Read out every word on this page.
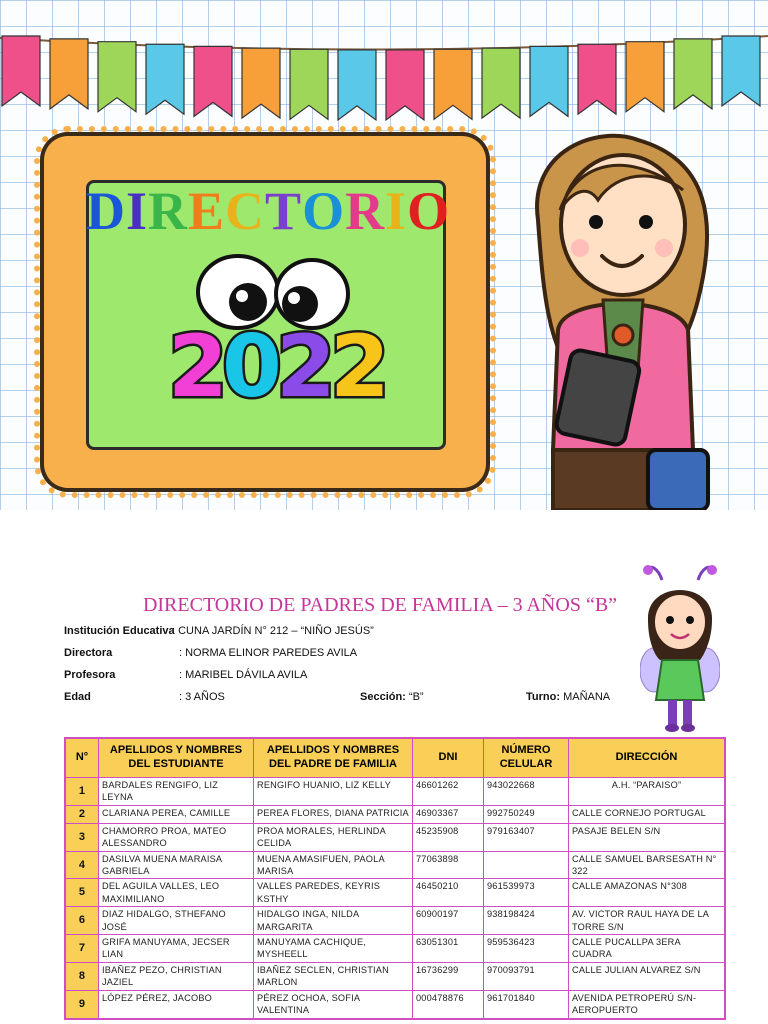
DIRECTORIO
2
0
2
2
DIRECTORIO DE PADRES DE FAMILIA – 3 AÑOS “B”
Institución Educativa
: CUNA JARDÍN N° 212 – “NIÑO JESÚS”
Directora	: NORMA ELINOR PAREDES AVILA
Profesora	: MARIBEL DÁVILA AVILA
Edad	: 3 AÑOS	Sección: “B”	Turno: MAÑANA
N°	APELLIDOS Y NOMBRES DEL ESTUDIANTE	APELLIDOS Y NOMBRES DEL PADRE DE FAMILIA	DNI	NÚMERO CELULAR	DIRECCIÓN
1	BARDALES RENGIFO, LIZ LEYNA	RENGIFO HUANIO, LIZ KELLY	46601262	943022668	A.H. “PARAISO”
2	CLARIANA PEREA, CAMILLE	PEREA FLORES, DIANA PATRICIA	46903367	992750249	CALLE CORNEJO PORTUGAL
3	CHAMORRO PROA, MATEO ALESSANDRO	PROA MORALES, HERLINDA CELIDA	45235908	979163407	PASAJE BELEN S/N
4	DASILVA MUENA MARAISA GABRIELA	MUENA AMASIFUEN, PAOLA MARISA	77063898		CALLE SAMUEL BARSESATH N° 322
5	DEL AGUILA VALLES, LEO MAXIMILIANO	VALLES PAREDES, KEYRIS KSTHY	46450210	961539973	CALLE AMAZONAS N°308
6	DIAZ HIDALGO, STHEFANO JOSÉ	HIDALGO INGA, NILDA MARGARITA	60900197	938198424	AV. VICTOR RAUL HAYA DE LA TORRE S/N
7	GRIFA MANUYAMA, JECSER LIAN	MANUYAMA CACHIQUE, MYSHEELL	63051301	959536423	CALLE PUCALLPA 3ERA CUADRA
8	IBAÑEZ PEZO, CHRISTIAN JAZIEL	IBAÑEZ SECLEN, CHRISTIAN MARLON	16736299	970093791	CALLE JULIAN ALVAREZ S/N
9	LÓPEZ PÉREZ, JACOBO	PÉREZ OCHOA, SOFIA VALENTINA	000478876	961701840	AVENIDA PETROPERÚ S/N- AEROPUERTO
